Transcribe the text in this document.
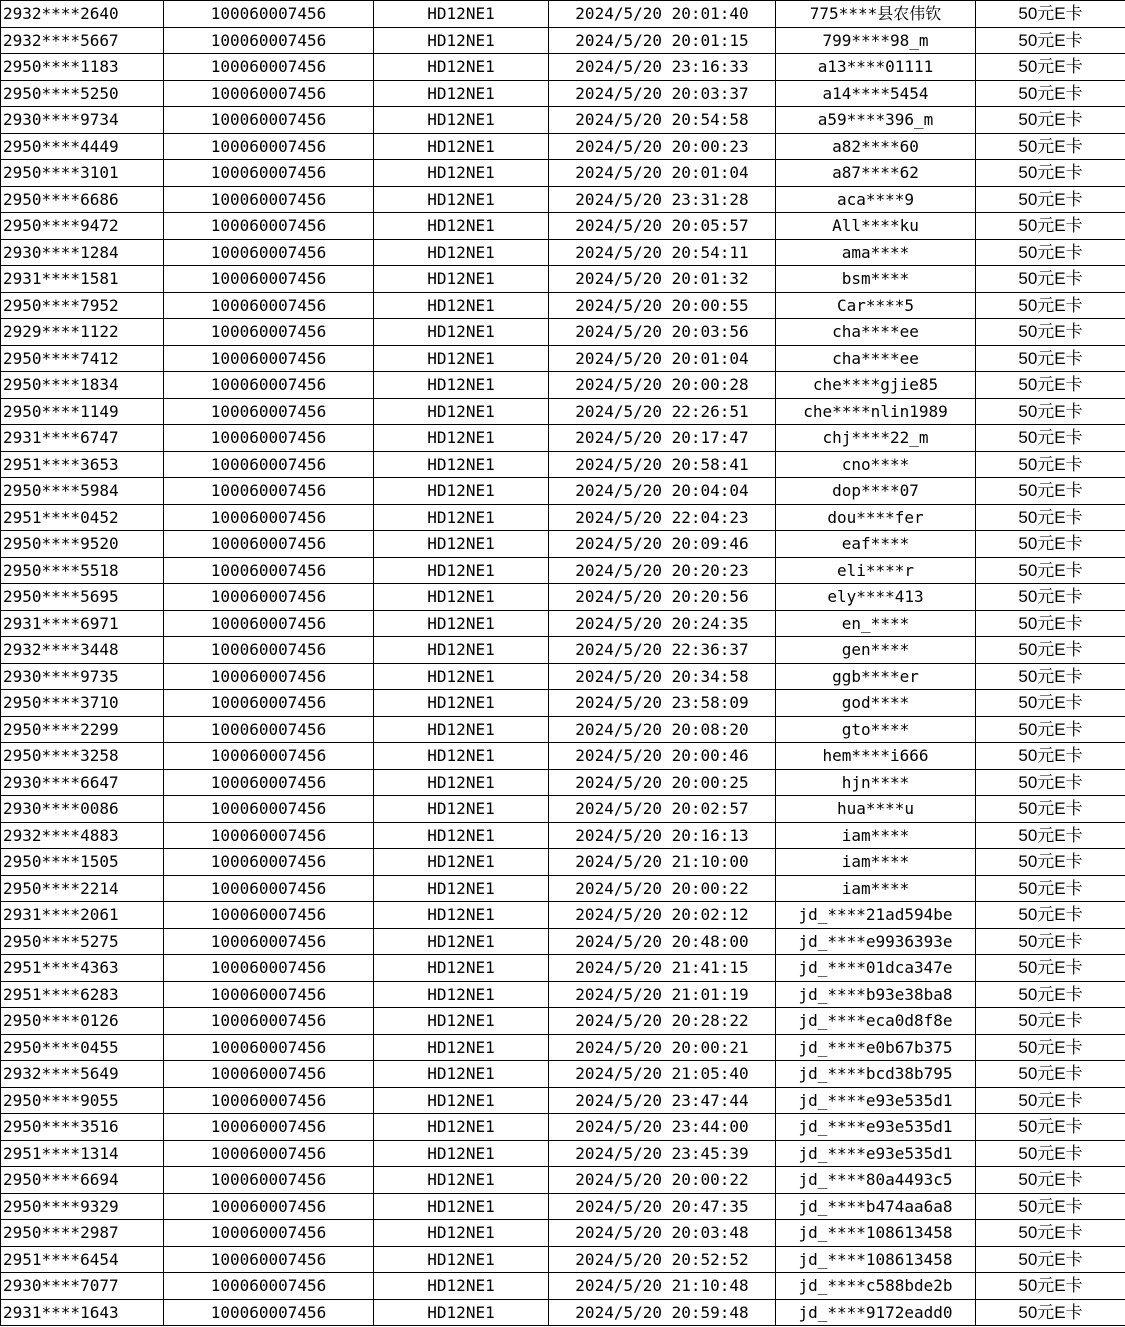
2932****2640	100060007456	HD12NE1	2024/5/20 20:01:40	775****县农伟钦	50元E卡
2932****5667	100060007456	HD12NE1	2024/5/20 20:01:15	799****98_m	50元E卡
2950****1183	100060007456	HD12NE1	2024/5/20 23:16:33	a13****01111	50元E卡
2950****5250	100060007456	HD12NE1	2024/5/20 20:03:37	a14****5454	50元E卡
2930****9734	100060007456	HD12NE1	2024/5/20 20:54:58	a59****396_m	50元E卡
2950****4449	100060007456	HD12NE1	2024/5/20 20:00:23	a82****60	50元E卡
2950****3101	100060007456	HD12NE1	2024/5/20 20:01:04	a87****62	50元E卡
2950****6686	100060007456	HD12NE1	2024/5/20 23:31:28	aca****9	50元E卡
2950****9472	100060007456	HD12NE1	2024/5/20 20:05:57	All****ku	50元E卡
2930****1284	100060007456	HD12NE1	2024/5/20 20:54:11	ama****	50元E卡
2931****1581	100060007456	HD12NE1	2024/5/20 20:01:32	bsm****	50元E卡
2950****7952	100060007456	HD12NE1	2024/5/20 20:00:55	Car****5	50元E卡
2929****1122	100060007456	HD12NE1	2024/5/20 20:03:56	cha****ee	50元E卡
2950****7412	100060007456	HD12NE1	2024/5/20 20:01:04	cha****ee	50元E卡
2950****1834	100060007456	HD12NE1	2024/5/20 20:00:28	che****gjie85	50元E卡
2950****1149	100060007456	HD12NE1	2024/5/20 22:26:51	che****nlin1989	50元E卡
2931****6747	100060007456	HD12NE1	2024/5/20 20:17:47	chj****22_m	50元E卡
2951****3653	100060007456	HD12NE1	2024/5/20 20:58:41	cno****	50元E卡
2950****5984	100060007456	HD12NE1	2024/5/20 20:04:04	dop****07	50元E卡
2951****0452	100060007456	HD12NE1	2024/5/20 22:04:23	dou****fer	50元E卡
2950****9520	100060007456	HD12NE1	2024/5/20 20:09:46	eaf****	50元E卡
2950****5518	100060007456	HD12NE1	2024/5/20 20:20:23	eli****r	50元E卡
2950****5695	100060007456	HD12NE1	2024/5/20 20:20:56	ely****413	50元E卡
2931****6971	100060007456	HD12NE1	2024/5/20 20:24:35	en_****	50元E卡
2932****3448	100060007456	HD12NE1	2024/5/20 22:36:37	gen****	50元E卡
2930****9735	100060007456	HD12NE1	2024/5/20 20:34:58	ggb****er	50元E卡
2950****3710	100060007456	HD12NE1	2024/5/20 23:58:09	god****	50元E卡
2950****2299	100060007456	HD12NE1	2024/5/20 20:08:20	gto****	50元E卡
2950****3258	100060007456	HD12NE1	2024/5/20 20:00:46	hem****i666	50元E卡
2930****6647	100060007456	HD12NE1	2024/5/20 20:00:25	hjn****	50元E卡
2930****0086	100060007456	HD12NE1	2024/5/20 20:02:57	hua****u	50元E卡
2932****4883	100060007456	HD12NE1	2024/5/20 20:16:13	iam****	50元E卡
2950****1505	100060007456	HD12NE1	2024/5/20 21:10:00	iam****	50元E卡
2950****2214	100060007456	HD12NE1	2024/5/20 20:00:22	iam****	50元E卡
2931****2061	100060007456	HD12NE1	2024/5/20 20:02:12	jd_****21ad594be	50元E卡
2950****5275	100060007456	HD12NE1	2024/5/20 20:48:00	jd_****e9936393e	50元E卡
2951****4363	100060007456	HD12NE1	2024/5/20 21:41:15	jd_****01dca347e	50元E卡
2951****6283	100060007456	HD12NE1	2024/5/20 21:01:19	jd_****b93e38ba8	50元E卡
2950****0126	100060007456	HD12NE1	2024/5/20 20:28:22	jd_****eca0d8f8e	50元E卡
2950****0455	100060007456	HD12NE1	2024/5/20 20:00:21	jd_****e0b67b375	50元E卡
2932****5649	100060007456	HD12NE1	2024/5/20 21:05:40	jd_****bcd38b795	50元E卡
2950****9055	100060007456	HD12NE1	2024/5/20 23:47:44	jd_****e93e535d1	50元E卡
2950****3516	100060007456	HD12NE1	2024/5/20 23:44:00	jd_****e93e535d1	50元E卡
2951****1314	100060007456	HD12NE1	2024/5/20 23:45:39	jd_****e93e535d1	50元E卡
2950****6694	100060007456	HD12NE1	2024/5/20 20:00:22	jd_****80a4493c5	50元E卡
2950****9329	100060007456	HD12NE1	2024/5/20 20:47:35	jd_****b474aa6a8	50元E卡
2950****2987	100060007456	HD12NE1	2024/5/20 20:03:48	jd_****108613458	50元E卡
2951****6454	100060007456	HD12NE1	2024/5/20 20:52:52	jd_****108613458	50元E卡
2930****7077	100060007456	HD12NE1	2024/5/20 21:10:48	jd_****c588bde2b	50元E卡
2931****1643	100060007456	HD12NE1	2024/5/20 20:59:48	jd_****9172eadd0	50元E卡
